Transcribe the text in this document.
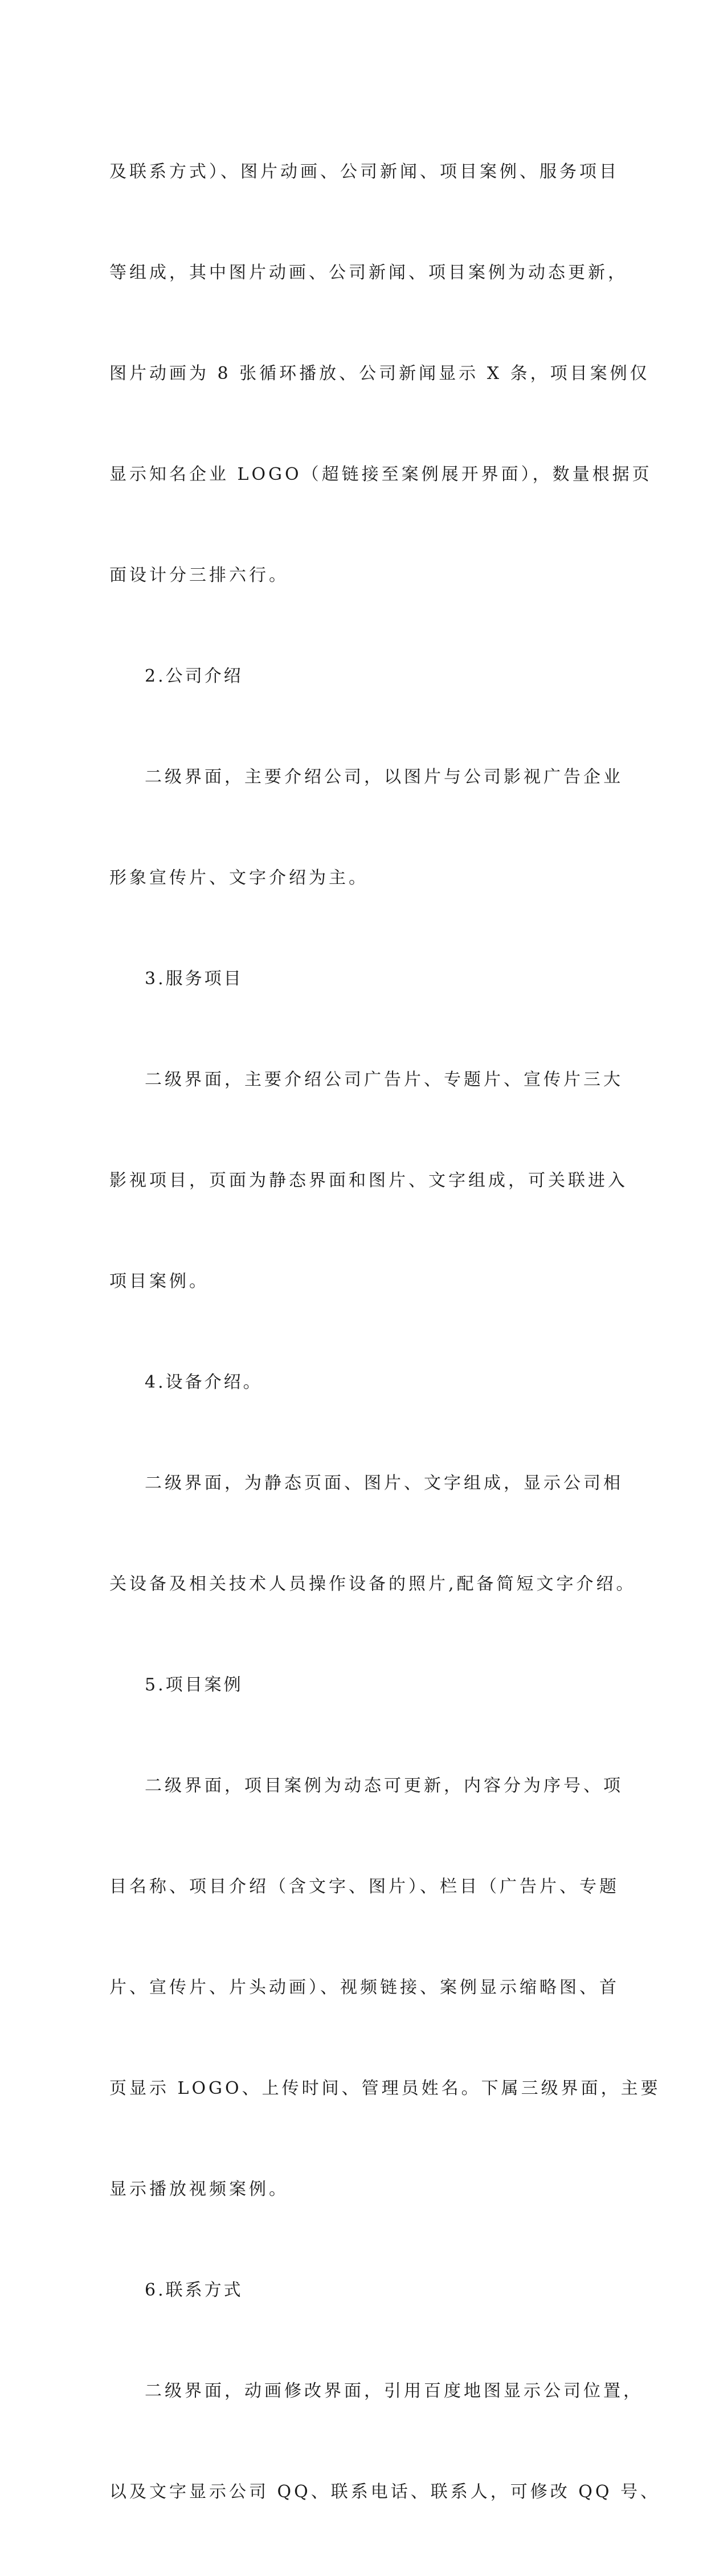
及联系方式）、图片动画、公司新闻、项目案例、服务项目

等组成，其中图片动画、公司新闻、项目案例为动态更新，

图片动画为 8 张循环播放、公司新闻显示 X 条，项目案例仅

显示知名企业 LOGO（超链接至案例展开界面），数量根据页

面设计分三排六行。

2.公司介绍

二级界面，主要介绍公司，以图片与公司影视广告企业

形象宣传片、文字介绍为主。

3.服务项目

二级界面，主要介绍公司广告片、专题片、宣传片三大

影视项目，页面为静态界面和图片、文字组成，可关联进入

项目案例。

4.设备介绍。

二级界面，为静态页面、图片、文字组成，显示公司相

关设备及相关技术人员操作设备的照片,配备简短文字介绍。

5.项目案例

二级界面，项目案例为动态可更新，内容分为序号、项

目名称、项目介绍（含文字、图片）、栏目（广告片、专题

片、宣传片、片头动画）、视频链接、案例显示缩略图、首

页显示 LOGO、上传时间、管理员姓名。下属三级界面，主要

显示播放视频案例。

6.联系方式

二级界面，动画修改界面，引用百度地图显示公司位置，

以及文字显示公司 QQ、联系电话、联系人，可修改 QQ 号、
